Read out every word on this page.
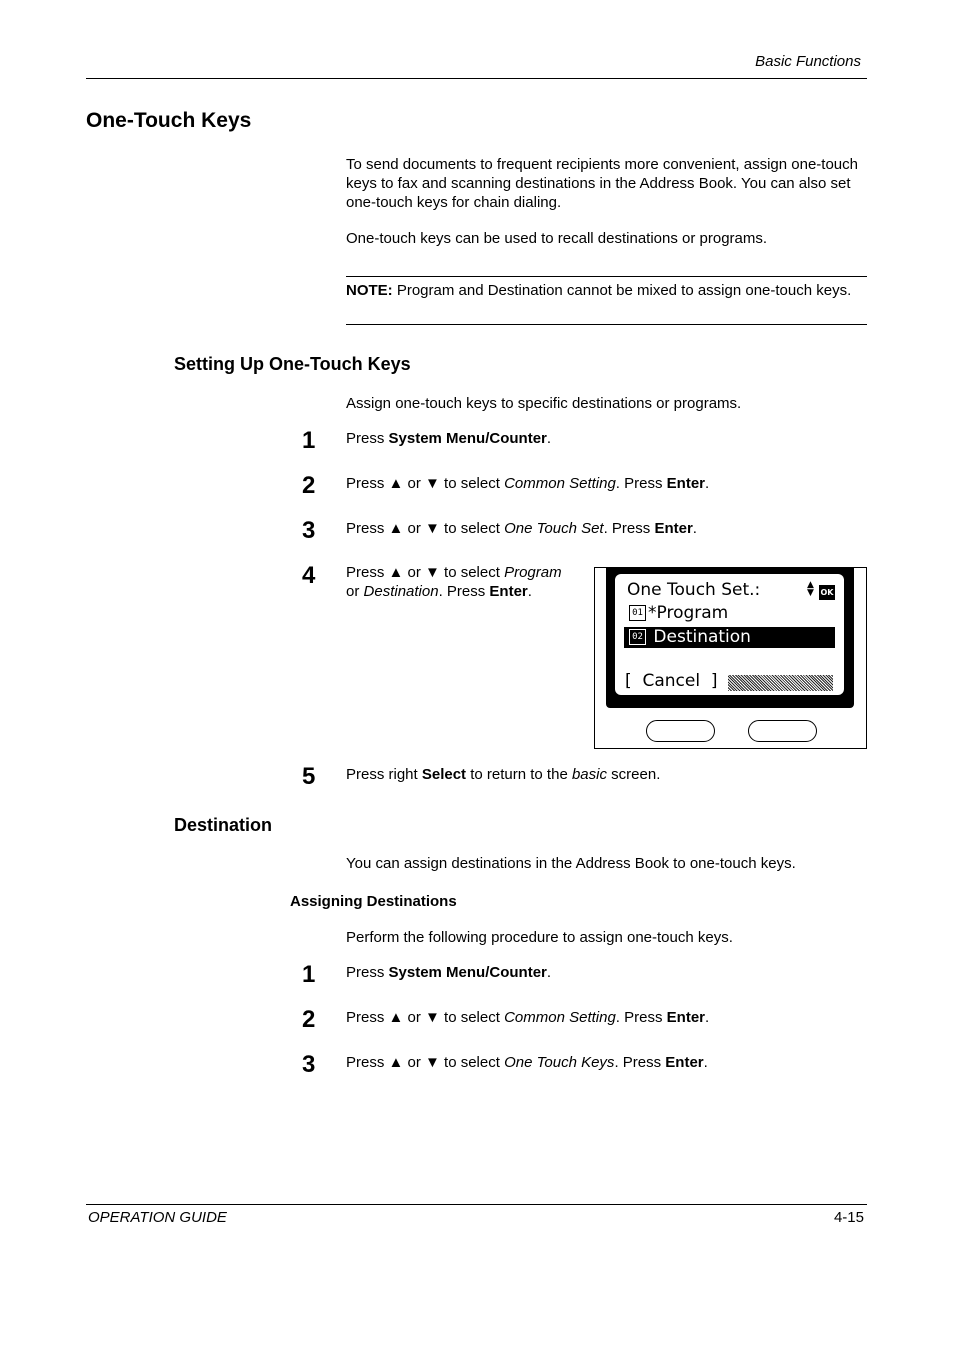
Basic Functions
One-Touch Keys
To send documents to frequent recipients more convenient, assign one-touch keys to fax and scanning destinations in the Address Book. You can also set one-touch keys for chain dialing.
One-touch keys can be used to recall destinations or programs.
NOTE: Program and Destination cannot be mixed to assign one-touch keys.
Setting Up One-Touch Keys
Assign one-touch keys to specific destinations or programs.
1	Press System Menu/Counter.
2	Press ▲ or ▼ to select Common Setting. Press Enter.
3	Press ▲ or ▼ to select One Touch Set. Press Enter.
4	Press ▲ or ▼ to select Program
or Destination. Press Enter.	One Touch Set.:	▲
▼ OK
01 *Program
02 Destination
[ Cancel ]
5	Press right Select to return to the basic screen.
Destination
You can assign destinations in the Address Book to one-touch keys.
Assigning Destinations
Perform the following procedure to assign one-touch keys.
1	Press System Menu/Counter.
2	Press ▲ or ▼ to select Common Setting. Press Enter.
3	Press ▲ or ▼ to select One Touch Keys. Press Enter.
OPERATION GUIDE	4-15
